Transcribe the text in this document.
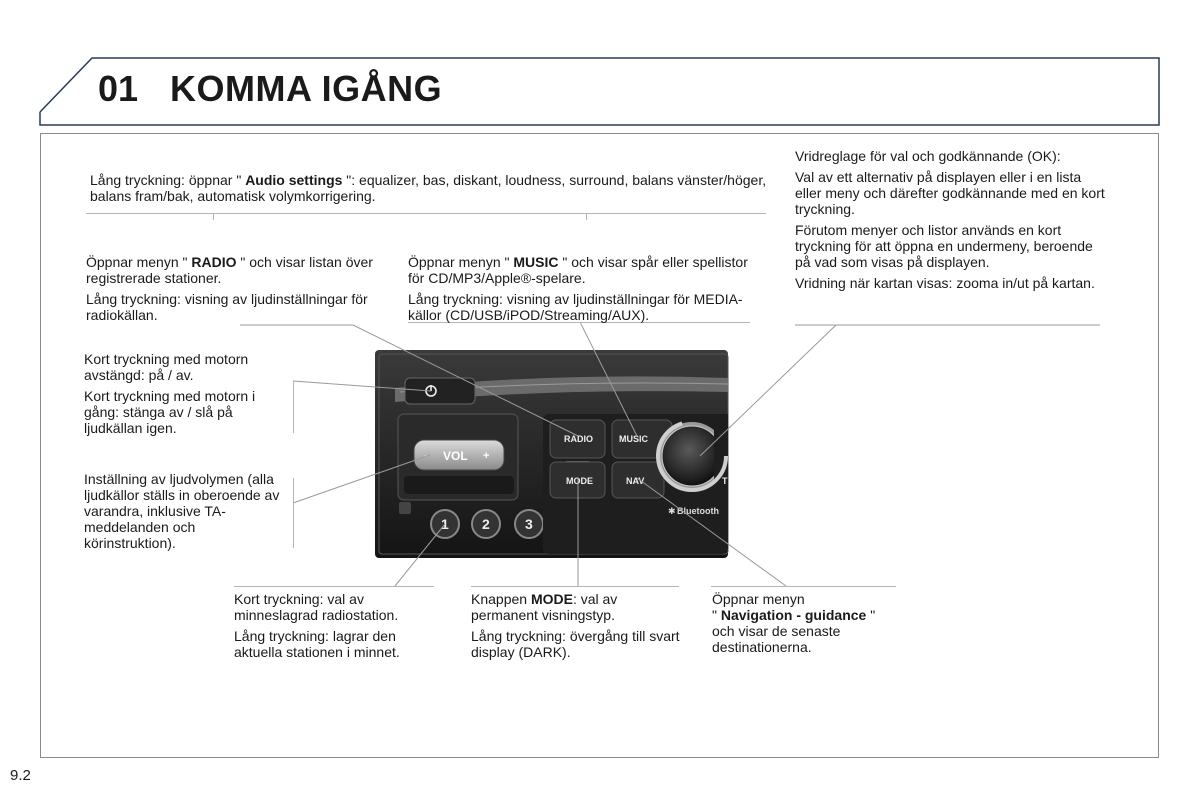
01 KOMMA IGÅNG
- VOL +
1 2	3
RADIO	MUSIC
MODE	NAV
✱ Bluetooth
T

Lång tryckning: öppnar " Audio settings ": equalizer, bas, diskant, loudness, surround, balans vänster/höger, balans fram/bak, automatisk volymkorrigering.

Öppnar menyn " RADIO " och visar listan över registrerade stationer.

Lång tryckning: visning av ljudinställningar för radiokällan.

Öppnar menyn " MUSIC " och visar spår eller spellistor för CD/MP3/Apple®-spelare.

Lång tryckning: visning av ljudinställningar för MEDIA-källor (CD/USB/iPOD/Streaming/AUX).

Vridreglage för val och godkännande (OK):

Val av ett alternativ på displayen eller i en lista eller meny och därefter godkännande med en kort tryckning.

Förutom menyer och listor används en kort tryckning för att öppna en undermeny, beroende på vad som visas på displayen.

Vridning när kartan visas: zooma in/ut på kartan.

Kort tryckning med motorn avstängd: på / av.

Kort tryckning med motorn i gång: stänga av / slå på ljudkällan igen.

Inställning av ljudvolymen (alla ljudkällor ställs in oberoende av varandra, inklusive TA-meddelanden och körinstruktion).

Kort tryckning: val av minneslagrad radiostation.

Lång tryckning: lagrar den aktuella stationen i minnet.

Knappen MODE: val av permanent visningstyp.

Lång tryckning: övergång till svart display (DARK).

Öppnar menyn
" Navigation - guidance "
och visar de senaste destinationerna.
9.2
